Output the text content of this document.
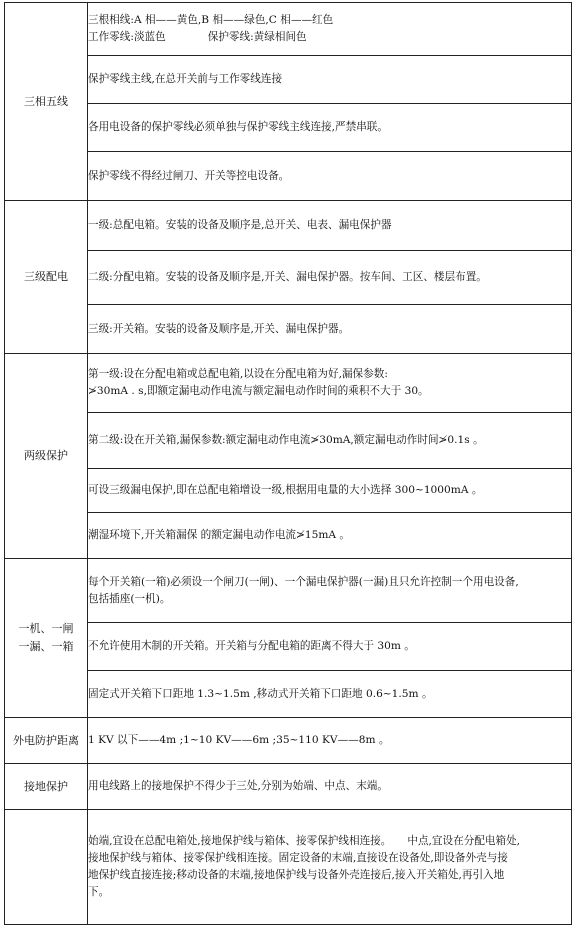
三相五线	三根相线:A 相——黄色,B 相——绿色,C 相——红色
工作零线:淡蓝色 保护零线:黄绿相间色

	保护零线主线,在总开关前与工作零线连接

	各用电设备的保护零线必须单独与保护零线主线连接,严禁串联。

	保护零线不得经过闸刀、开关等控电设备。

三级配电	一级:总配电箱。安装的设备及顺序是,总开关、电表、漏电保护器

	二级:分配电箱。安装的设备及顺序是,开关、漏电保护器。按车间、工区、楼层布置。

	三级:开关箱。安装的设备及顺序是,开关、漏电保护器。

两级保护	第一级:设在分配电箱或总配电箱,以设在分配电箱为好,漏保参数:
≯30mA . s,即额定漏电动作电流与额定漏电动作时间的乘积不大于 30。

	第二级:设在开关箱,漏保参数:额定漏电动作电流≯30mA,额定漏电动作时间≯0.1s 。

	可设三级漏电保护,即在总配电箱增设一级,根据用电量的大小选择 300~1000mA 。

	潮湿环境下,开关箱漏保 的额定漏电动作电流≯15mA 。

一机、一闸
一漏、一箱	每个开关箱(一箱)必须设一个闸刀(一闸)、一个漏电保护器(一漏)且只允许控制一个用电设备,
包括插座(一机)。

	不允许使用木制的开关箱。开关箱与分配电箱的距离不得大于 30m 。

	固定式开关箱下口距地 1.3~1.5m ,移动式开关箱下口距地 0.6~1.5m 。

外电防护距离	1 KV 以下——4m ;1~10 KV——6m ;35~110 KV——8m 。

接地保护	用电线路上的接地保护不得少于三处,分别为始端、中点、末端。

	始端,宜设在总配电箱处,接地保护线与箱体、接零保护线相连接。 中点,宜设在分配电箱处,
接地保护线与箱体、接零保护线相连接。固定设备的末端,直接设在设备处,即设备外壳与接
地保护线直接连接;移动设备的末端,接地保护线与设备外壳连接后,接入开关箱处,再引入地
下。
